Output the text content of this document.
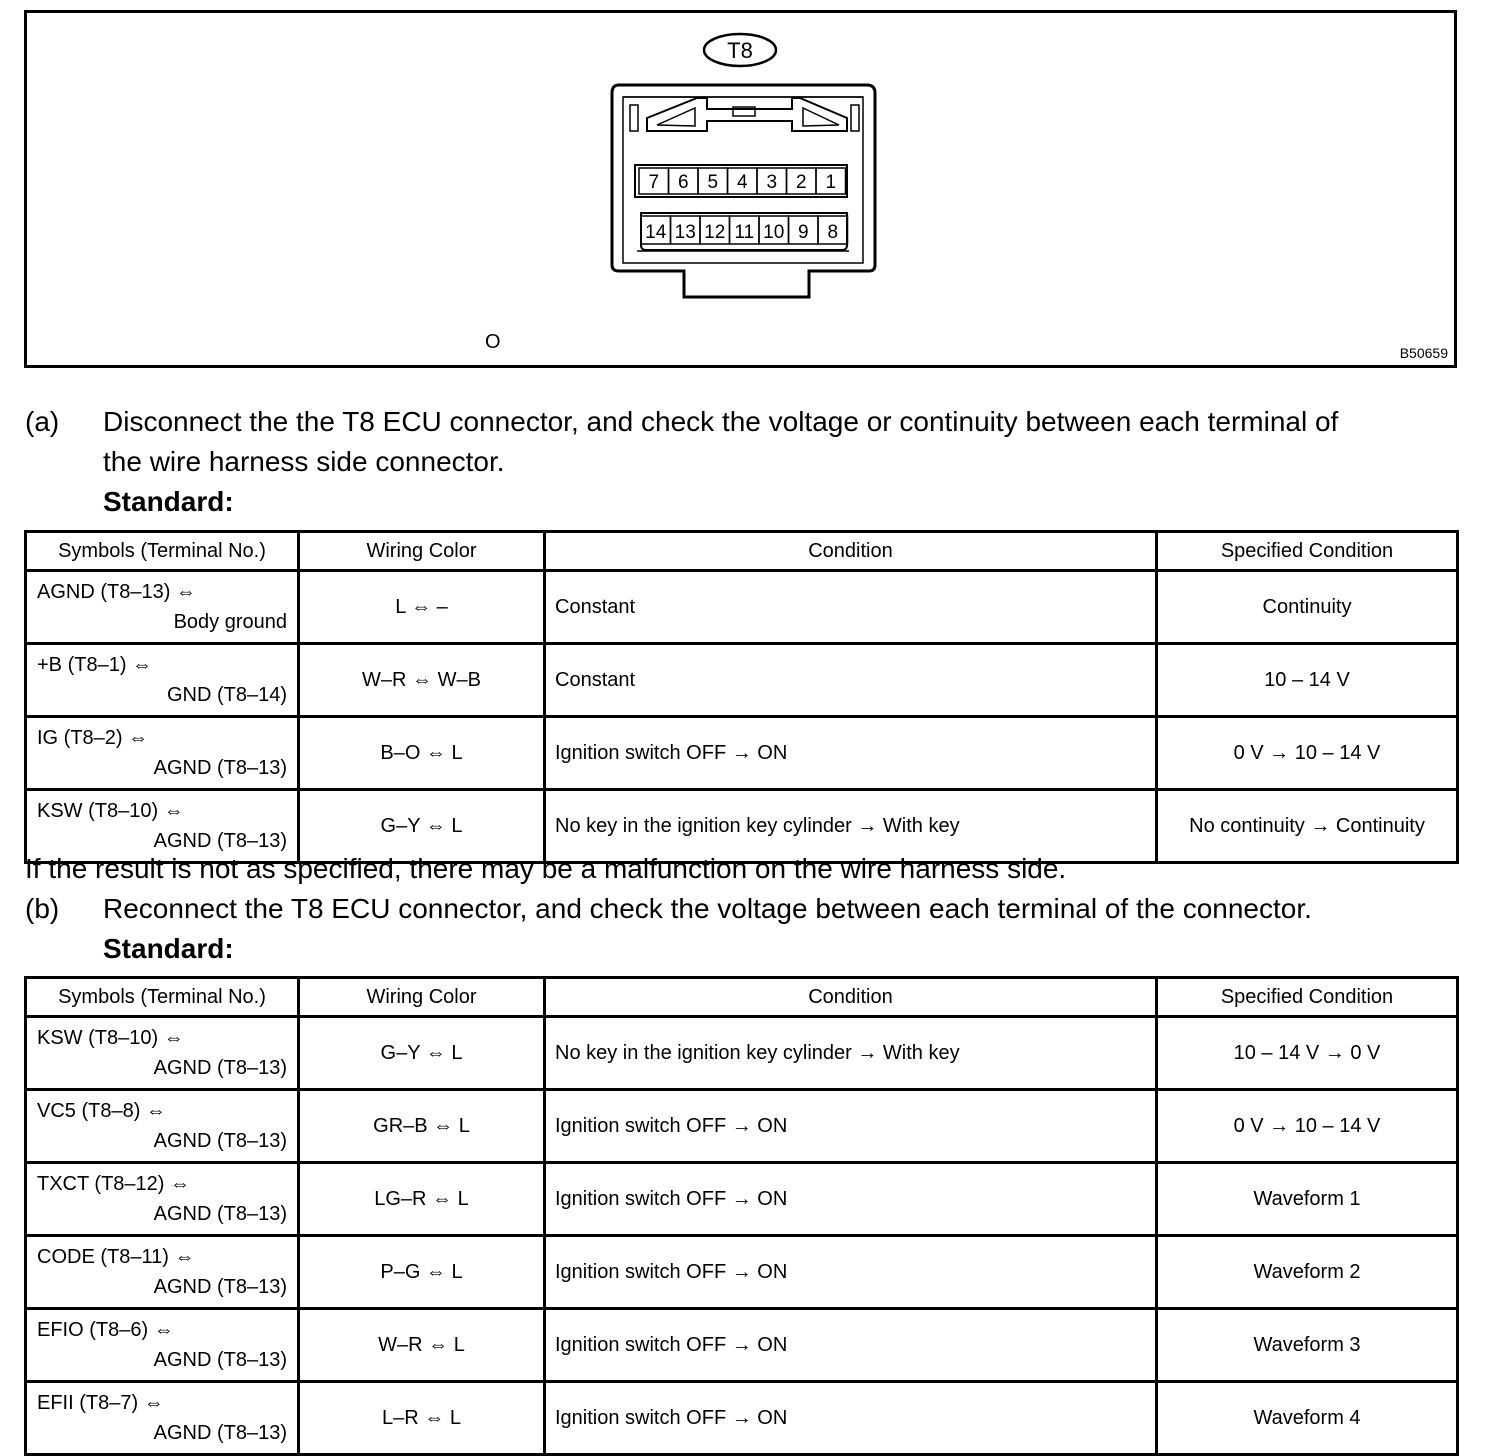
T8
7 6 5 4 3 2 1
14 13 12 11 10 9 8
O	B50659
(a) Disconnect the the T8 ECU connector, and check the voltage or continuity between each terminal of
the wire harness side connector.
Standard:
Symbols (Terminal No.)	Wiring Color	Condition	Specified Condition

AGND (T8–13) ⇔
Body ground	L ⇔ –	Constant	Continuity

+B (T8–1) ⇔
GND (T8–14)	W–R ⇔ W–B	Constant	10 – 14 V

IG (T8–2) ⇔
AGND (T8–13)	B–O ⇔ L	Ignition switch OFF → ON	0 V → 10 – 14 V

KSW (T8–10) ⇔
AGND (T8–13)	G–Y ⇔ L	No key in the ignition key cylinder → With key	No continuity → Continuity
If the result is not as specified, there may be a malfunction on the wire harness side.
(b) Reconnect the T8 ECU connector, and check the voltage between each terminal of the connector.
Standard:
Symbols (Terminal No.)	Wiring Color	Condition	Specified Condition

KSW (T8–10) ⇔
AGND (T8–13)	G–Y ⇔ L	No key in the ignition key cylinder → With key	10 – 14 V → 0 V

VC5 (T8–8) ⇔
AGND (T8–13)	GR–B ⇔ L	Ignition switch OFF → ON	0 V → 10 – 14 V

TXCT (T8–12) ⇔
AGND (T8–13)	LG–R ⇔ L	Ignition switch OFF → ON	Waveform 1

CODE (T8–11) ⇔
AGND (T8–13)	P–G ⇔ L	Ignition switch OFF → ON	Waveform 2

EFIO (T8–6) ⇔
AGND (T8–13)	W–R ⇔ L	Ignition switch OFF → ON	Waveform 3

EFII (T8–7) ⇔
AGND (T8–13)	L–R ⇔ L	Ignition switch OFF → ON	Waveform 4
